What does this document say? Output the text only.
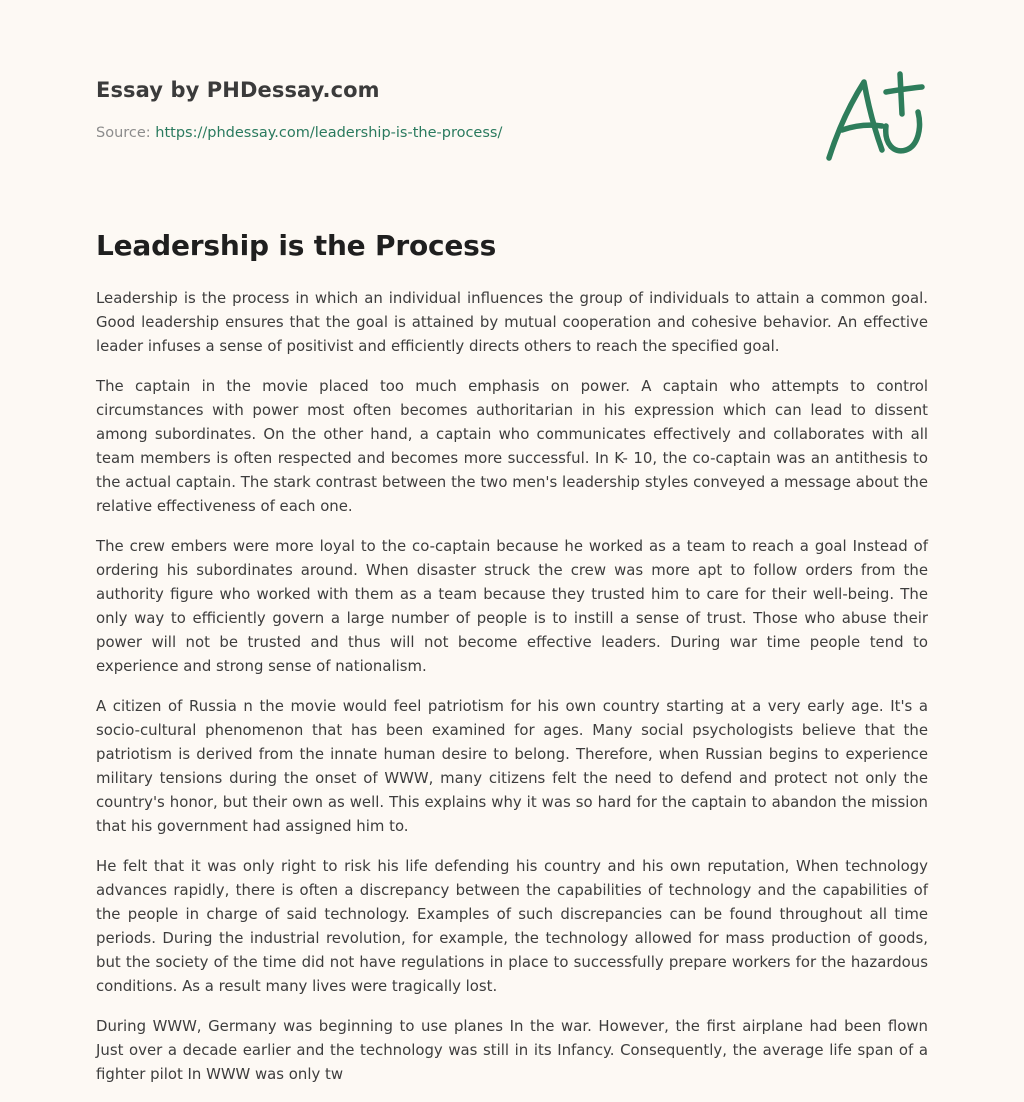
Essay by PHDessay.com
Source: https://phdessay.com/leadership-is-the-process/
Leadership is the Process

Leadership is the process in which an individual influences the group of individuals to attain a common goal. Good leadership ensures that the goal is attained by mutual cooperation and cohesive behavior. An effective leader infuses a sense of positivist and efficiently directs others to reach the specified goal.

The captain in the movie placed too much emphasis on power. A captain who attempts to control circumstances with power most often becomes authoritarian in his expression which can lead to dissent among subordinates. On the other hand, a captain who communicates effectively and collaborates with all team members is often respected and becomes more successful. In K- 10, the co-captain was an antithesis to the actual captain. The stark contrast between the two men's leadership styles conveyed a message about the relative effectiveness of each one.

The crew embers were more loyal to the co-captain because he worked as a team to reach a goal Instead of ordering his subordinates around. When disaster struck the crew was more apt to follow orders from the authority figure who worked with them as a team because they trusted him to care for their well-being. The only way to efficiently govern a large number of people is to instill a sense of trust. Those who abuse their power will not be trusted and thus will not become effective leaders. During war time people tend to experience and strong sense of nationalism.

A citizen of Russia n the movie would feel patriotism for his own country starting at a very early age. It's a socio-cultural phenomenon that has been examined for ages. Many social psychologists believe that the patriotism is derived from the innate human desire to belong. Therefore, when Russian begins to experience military tensions during the onset of WWW, many citizens felt the need to defend and protect not only the country's honor, but their own as well. This explains why it was so hard for the captain to abandon the mission that his government had assigned him to.

He felt that it was only right to risk his life defending his country and his own reputation, When technology advances rapidly, there is often a discrepancy between the capabilities of technology and the capabilities of the people in charge of said technology. Examples of such discrepancies can be found throughout all time periods. During the industrial revolution, for example, the technology allowed for mass production of goods, but the society of the time did not have regulations in place to successfully prepare workers for the hazardous conditions. As a result many lives were tragically lost.

During WWW, Germany was beginning to use planes In the war. However, the first airplane had been flown Just over a decade earlier and the technology was still in its Infancy. Consequently, the average life span of a fighter pilot In WWW was only tw
